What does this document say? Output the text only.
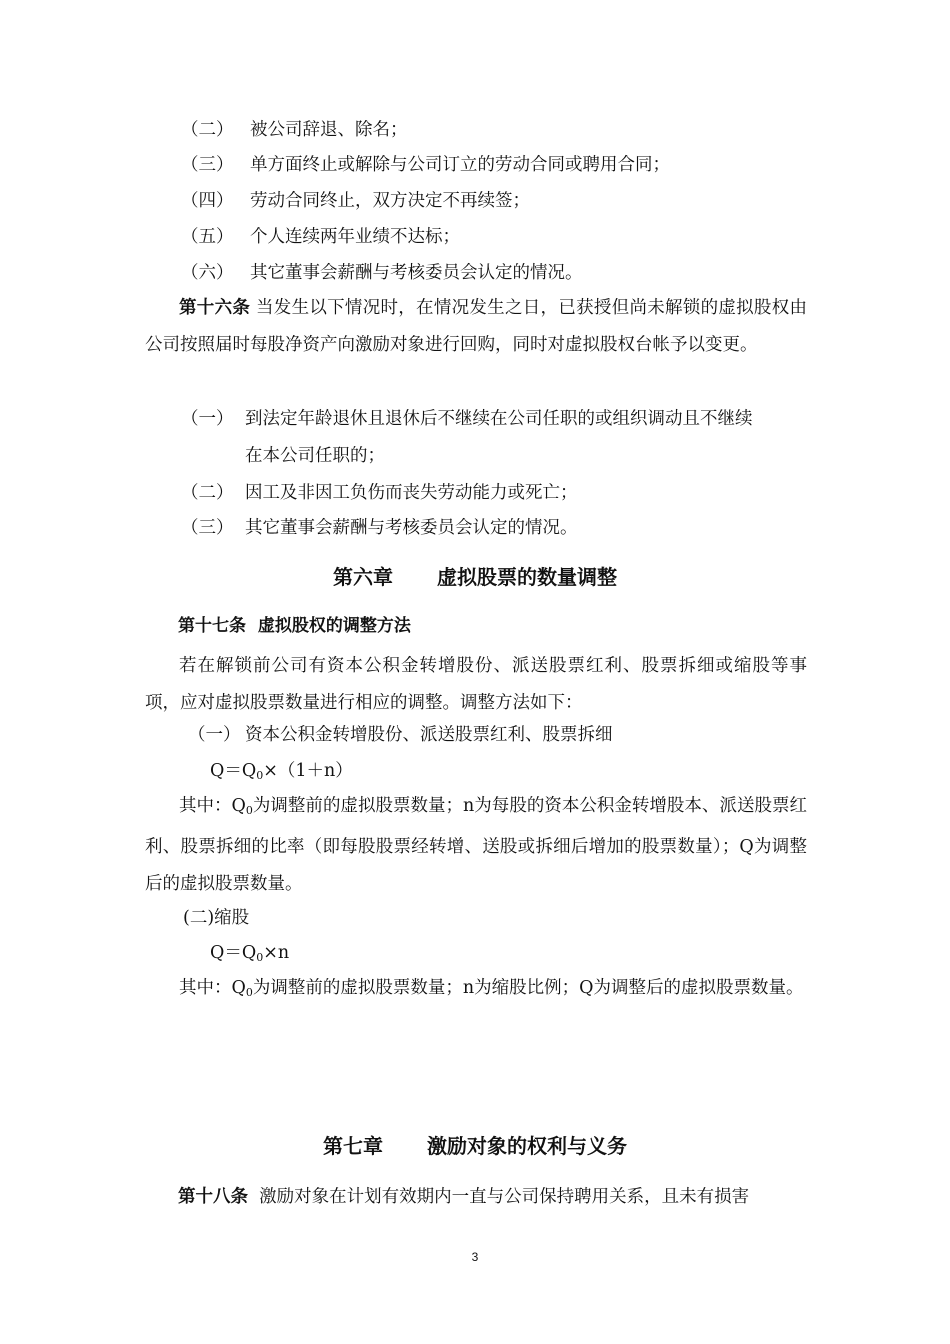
（二） 被公司辞退、除名；
（三） 单方面终止或解除与公司订立的劳动合同或聘用合同；
（四） 劳动合同终止，双方决定不再续签；
（五） 个人连续两年业绩不达标；
（六） 其它董事会薪酬与考核委员会认定的情况。
第十六条 当发生以下情况时，在情况发生之日，已获授但尚未解锁的虚拟股权由公司按照届时每股净资产向激励对象进行回购，同时对虚拟股权台帐予以变更。
（一） 到法定年龄退休且退休后不继续在公司任职的或组织调动且不继续
在本公司任职的；
（二） 因工及非因工负伤而丧失劳动能力或死亡；
（三） 其它董事会薪酬与考核委员会认定的情况。
第六章 虚拟股票的数量调整
第十七条 虚拟股权的调整方法
若在解锁前公司有资本公积金转增股份、派送股票红利、股票拆细或缩股等事项，应对虚拟股票数量进行相应的调整。调整方法如下：
（一） 资本公积金转增股份、派送股票红利、股票拆细
$Q=Q_0\times(1+n)$
其中：$Q_0$为调整前的虚拟股票数量；n为每股的资本公积金转增股本、派送股票红利、股票拆细的比率（即每股股票经转增、送股或拆细后增加的股票数量）；Q为调整后的虚拟股票数量。
(二)缩股
$Q=Q_0\times n$
其中：$Q_0$为调整前的虚拟股票数量；n为缩股比例；Q为调整后的虚拟股票数量。
第七章 激励对象的权利与义务
第十八条 激励对象在计划有效期内一直与公司保持聘用关系，且未有损害
3
